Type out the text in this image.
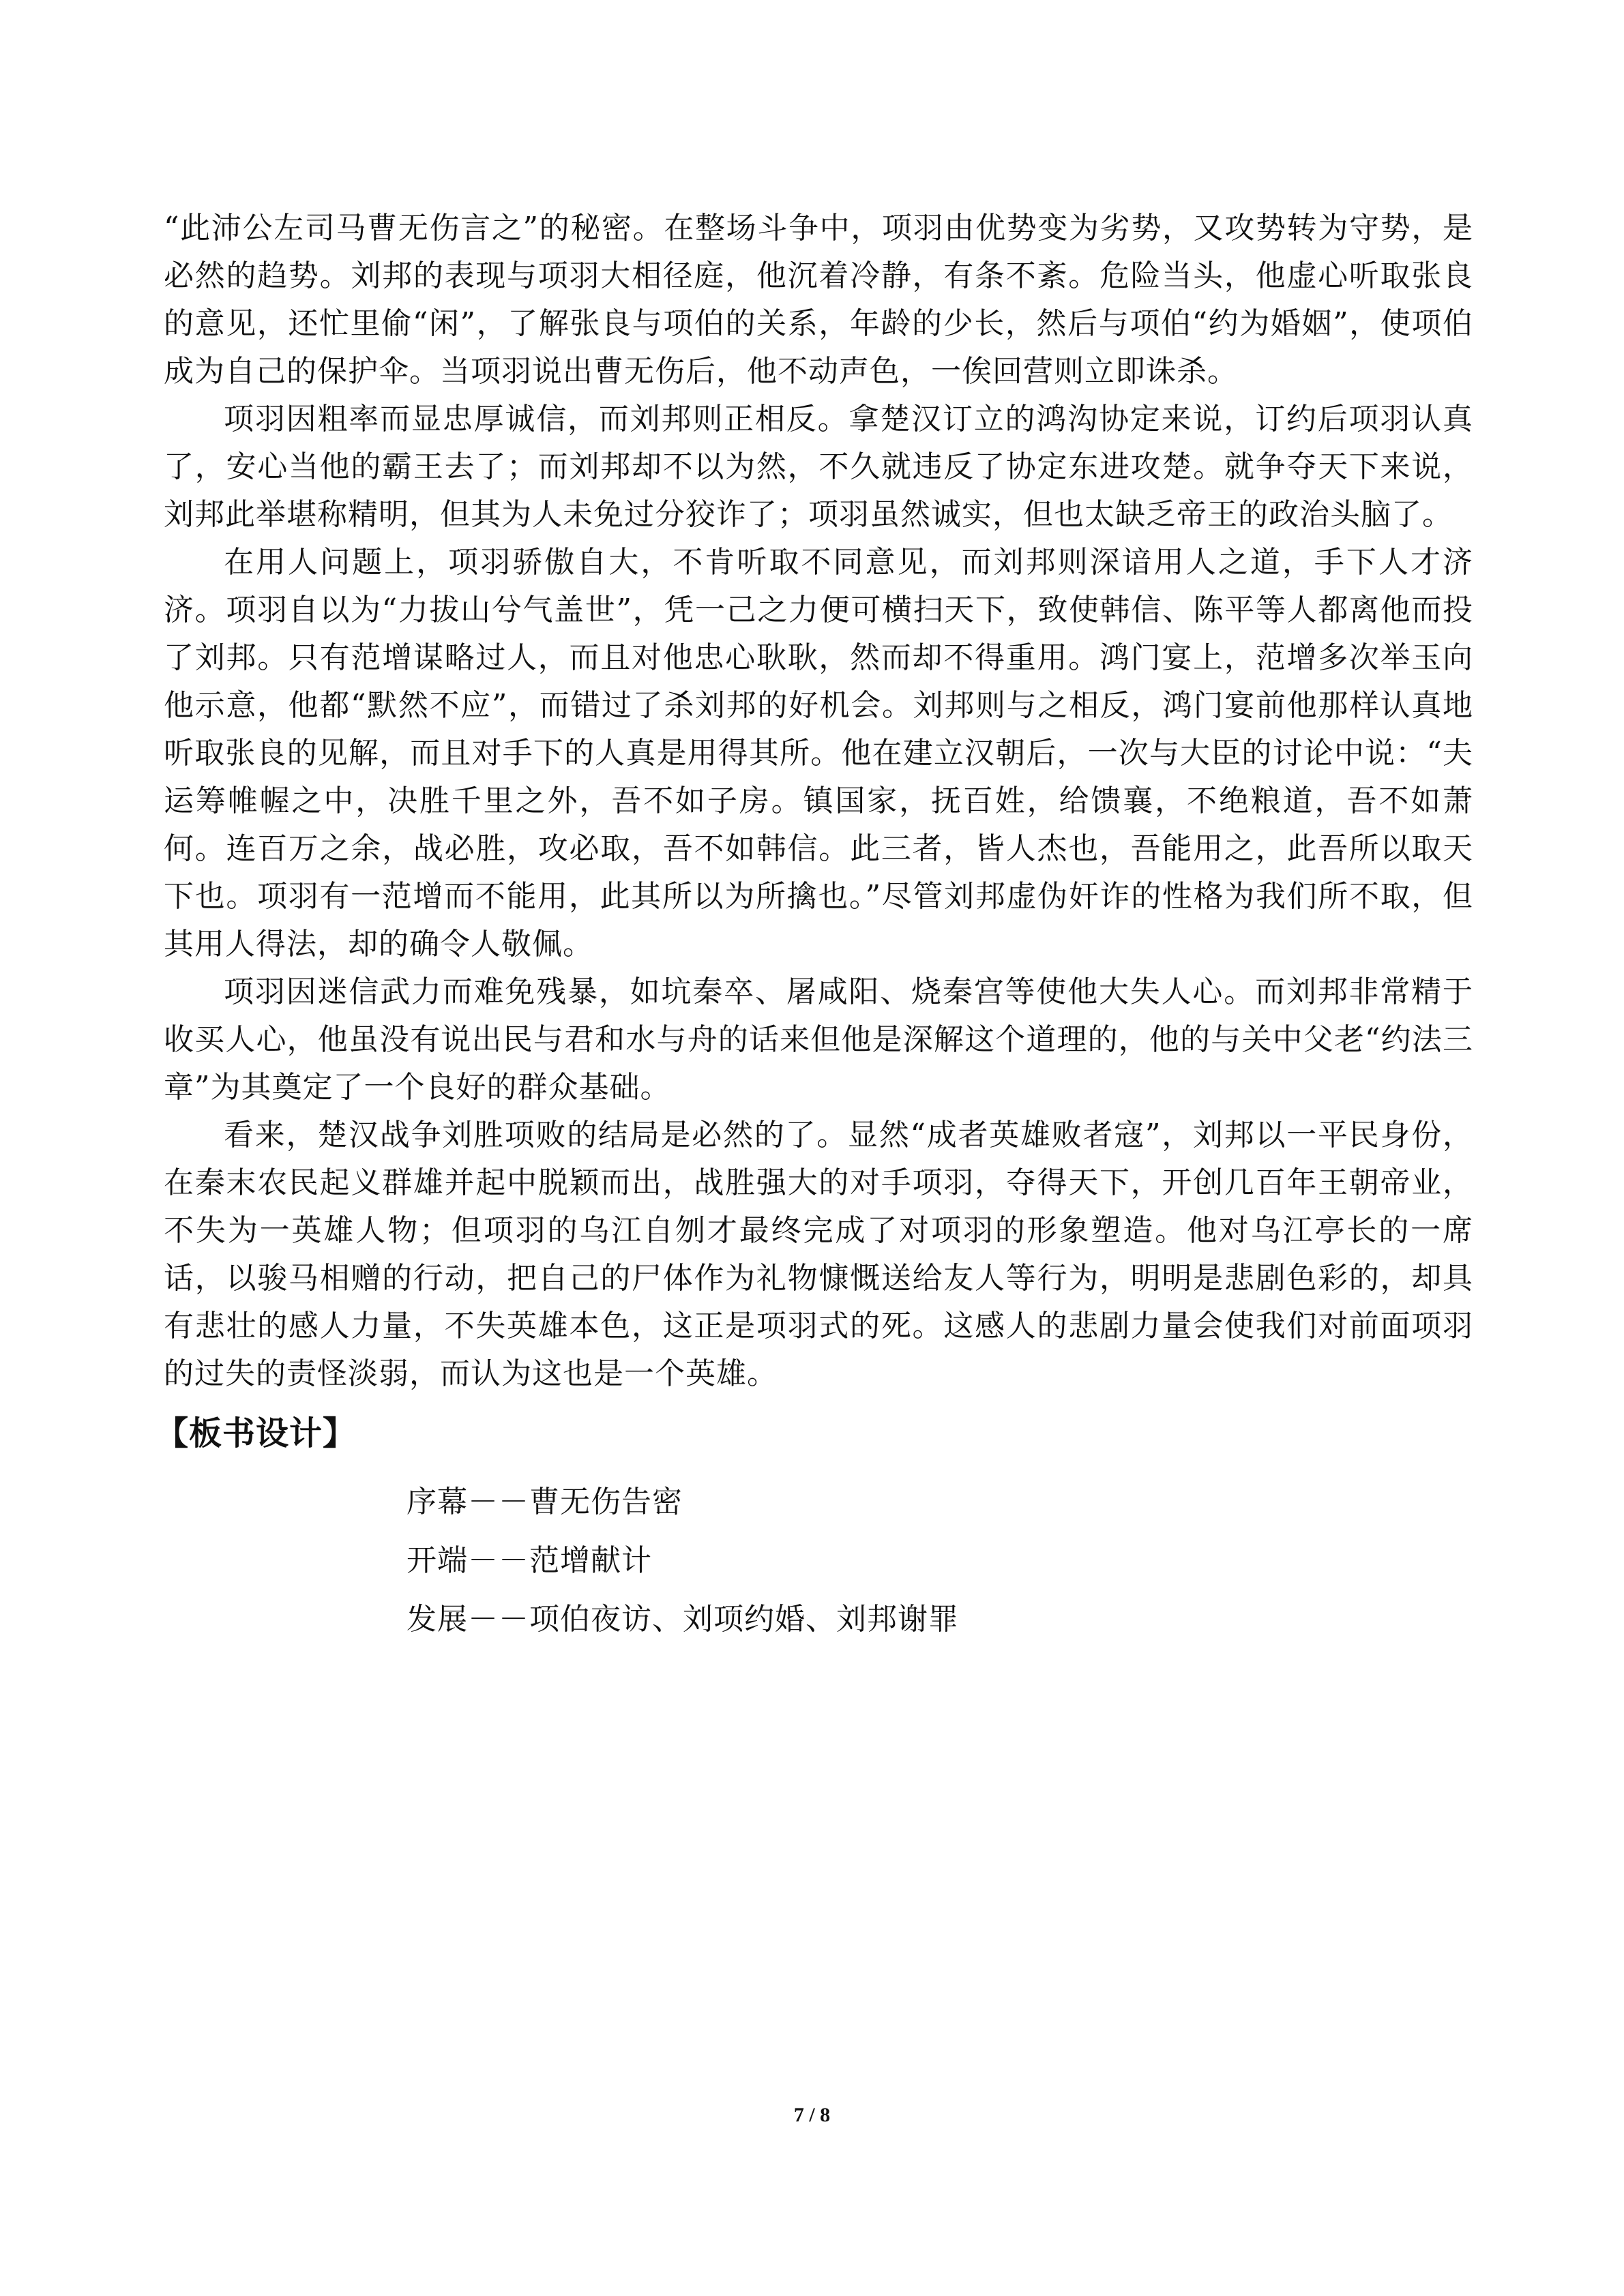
“此沛公左司马曹无伤言之”的秘密。在整场斗争中，项羽由优势变为劣势，又攻势转为守势，是必然的趋势。刘邦的表现与项羽大相径庭，他沉着冷静，有条不紊。危险当头，他虚心听取张良的意见，还忙里偷“闲”，了解张良与项伯的关系，年龄的少长，然后与项伯“约为婚姻”，使项伯成为自己的保护伞。当项羽说出曹无伤后，他不动声色，一俟回营则立即诛杀。

项羽因粗率而显忠厚诚信，而刘邦则正相反。拿楚汉订立的鸿沟协定来说，订约后项羽认真了，安心当他的霸王去了；而刘邦却不以为然，不久就违反了协定东进攻楚。就争夺天下来说，刘邦此举堪称精明，但其为人未免过分狡诈了；项羽虽然诚实，但也太缺乏帝王的政治头脑了。

在用人问题上，项羽骄傲自大，不肯听取不同意见，而刘邦则深谙用人之道，手下人才济济。项羽自以为“力拔山兮气盖世”，凭一己之力便可横扫天下，致使韩信、陈平等人都离他而投了刘邦。只有范增谋略过人，而且对他忠心耿耿，然而却不得重用。鸿门宴上，范增多次举玉向他示意，他都“默然不应”，而错过了杀刘邦的好机会。刘邦则与之相反，鸿门宴前他那样认真地听取张良的见解，而且对手下的人真是用得其所。他在建立汉朝后，一次与大臣的讨论中说：“夫运筹帷幄之中，决胜千里之外，吾不如子房。镇国家，抚百姓，给馈襄，不绝粮道，吾不如萧何。连百万之余，战必胜，攻必取，吾不如韩信。此三者，皆人杰也，吾能用之，此吾所以取天下也。项羽有一范增而不能用，此其所以为所擒也。”尽管刘邦虚伪奸诈的性格为我们所不取，但其用人得法，却的确令人敬佩。

项羽因迷信武力而难免残暴，如坑秦卒、屠咸阳、烧秦宫等使他大失人心。而刘邦非常精于收买人心，他虽没有说出民与君和水与舟的话来但他是深解这个道理的，他的与关中父老“约法三章”为其奠定了一个良好的群众基础。

看来，楚汉战争刘胜项败的结局是必然的了。显然“成者英雄败者寇”，刘邦以一平民身份，在秦末农民起义群雄并起中脱颖而出，战胜强大的对手项羽，夺得天下，开创几百年王朝帝业，不失为一英雄人物；但项羽的乌江自刎才最终完成了对项羽的形象塑造。他对乌江亭长的一席话，以骏马相赠的行动，把自己的尸体作为礼物慷慨送给友人等行为，明明是悲剧色彩的，却具有悲壮的感人力量，不失英雄本色，这正是项羽式的死。这感人的悲剧力量会使我们对前面项羽的过失的责怪淡弱，而认为这也是一个英雄。

【板书设计】
序幕－－曹无伤告密
开端－－范增献计
发展－－项伯夜访、刘项约婚、刘邦谢罪
7 / 8
